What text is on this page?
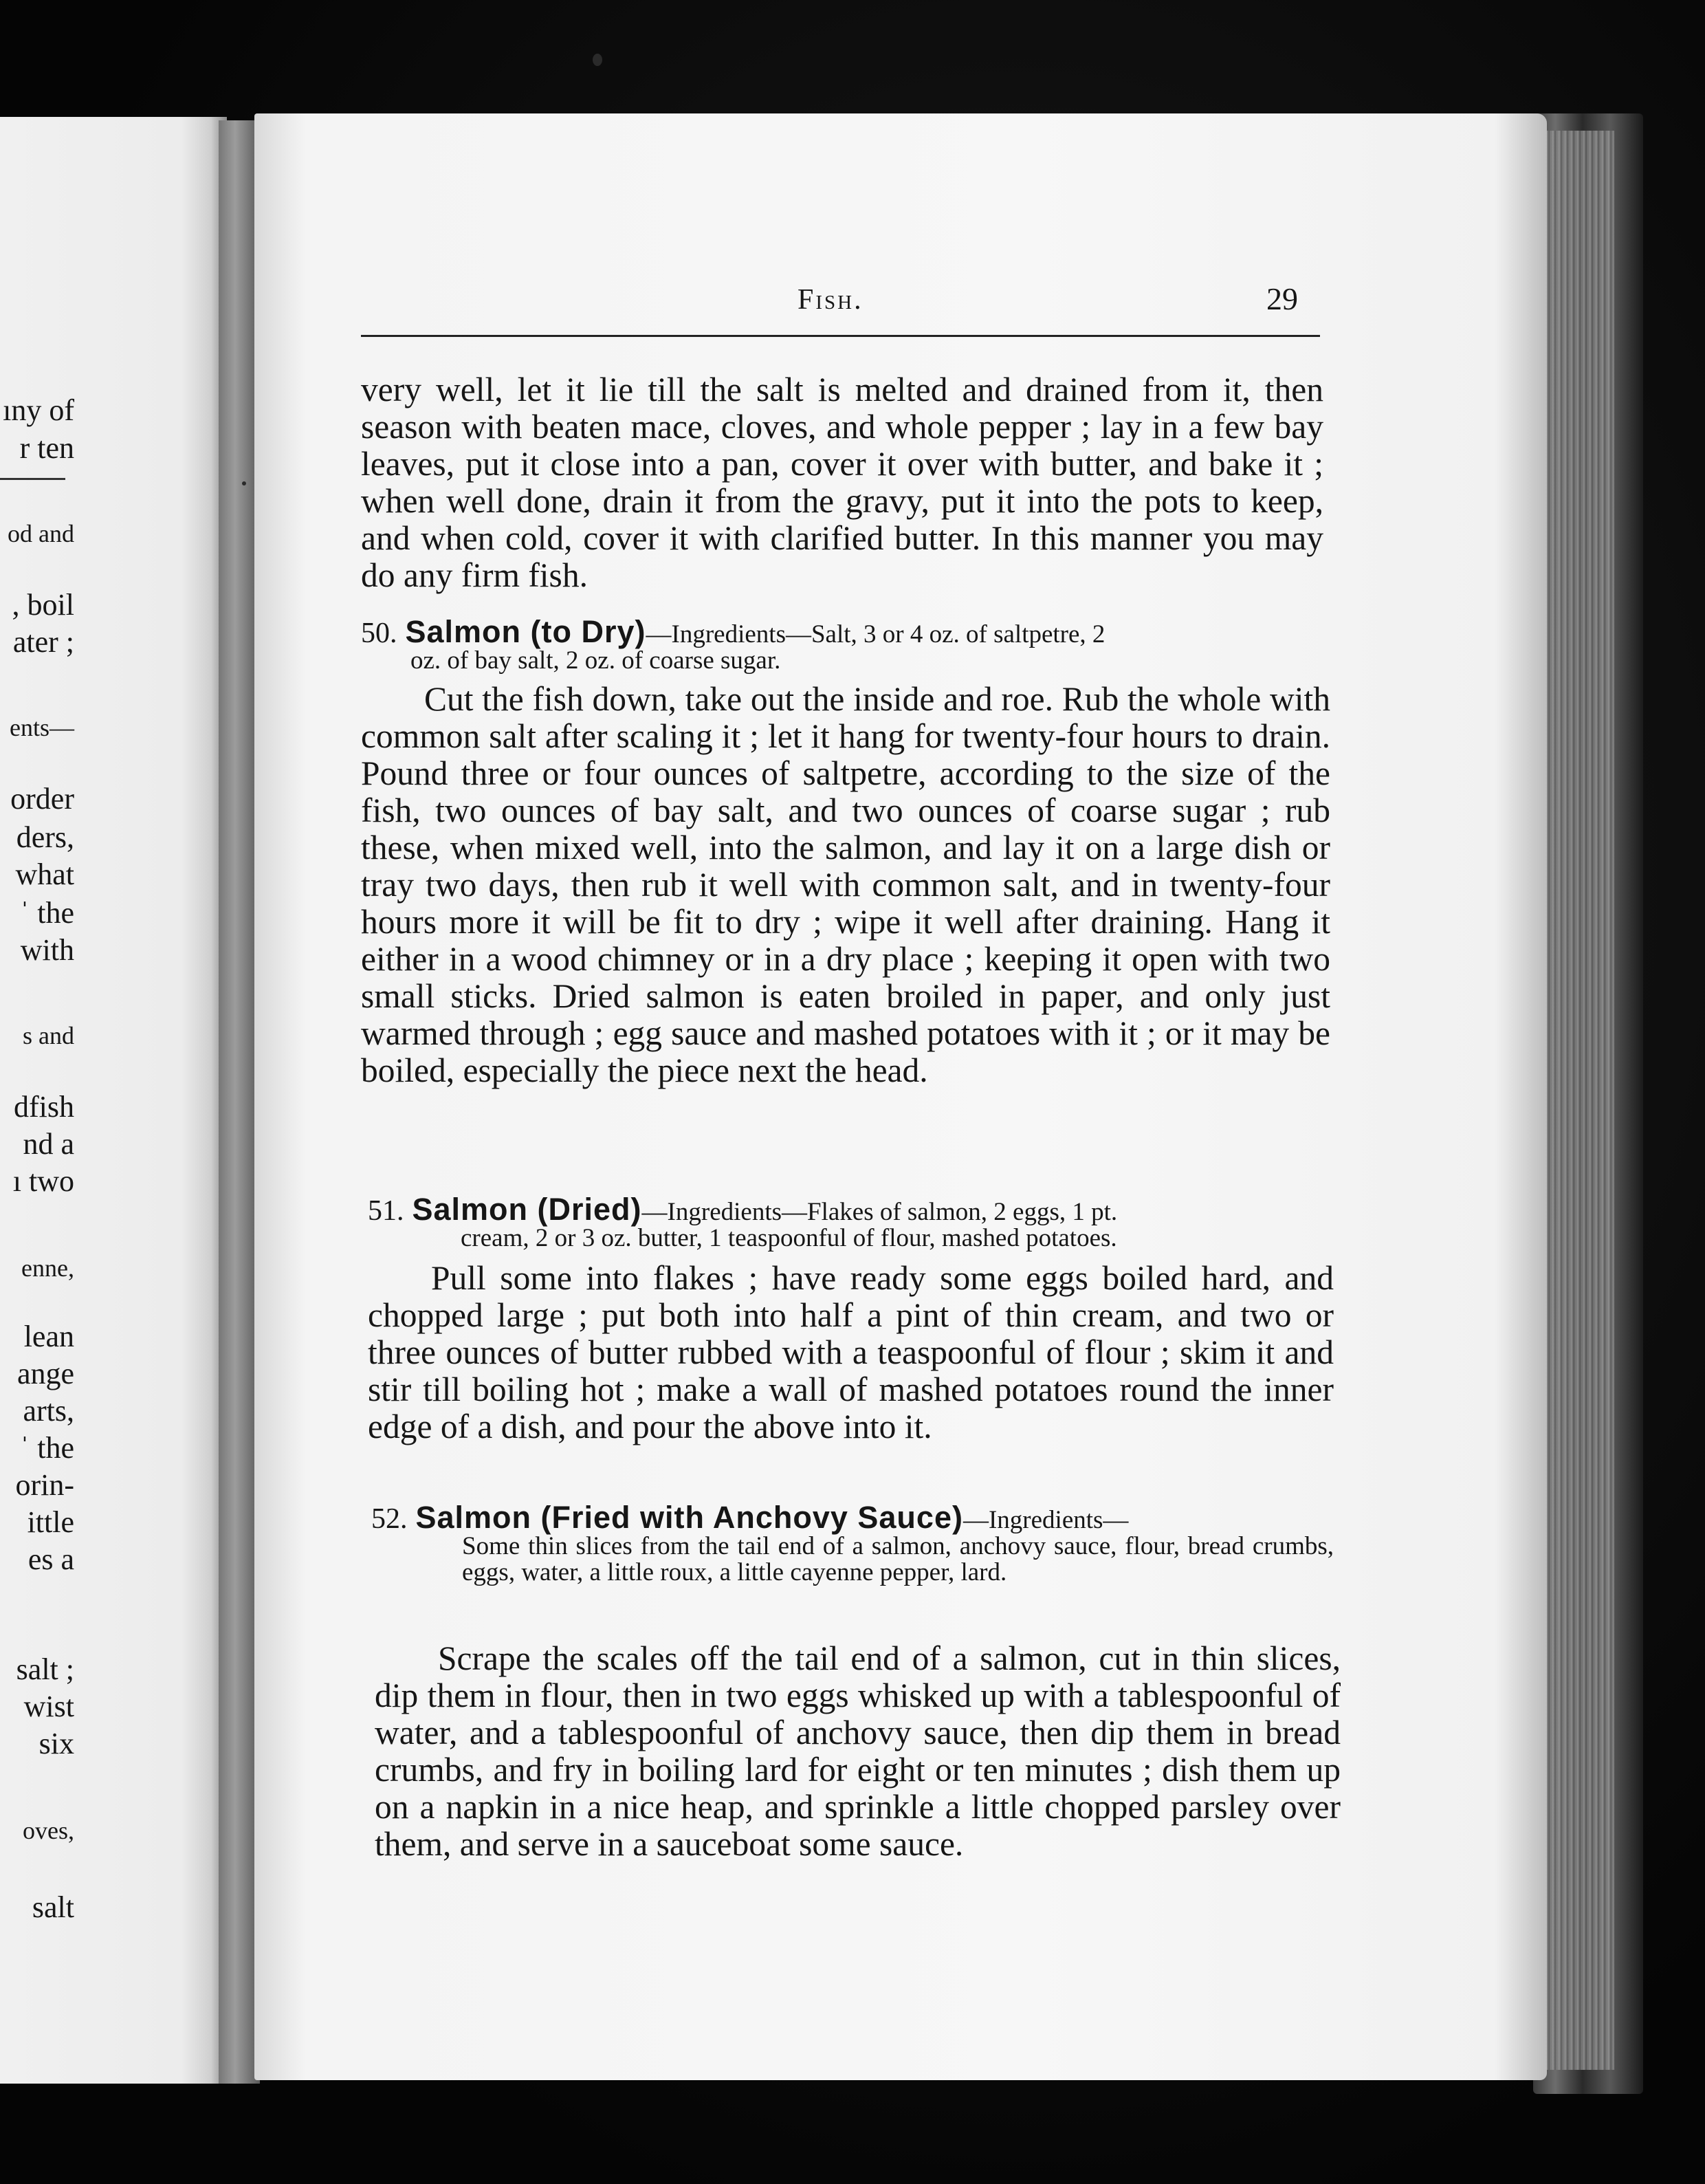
ıny of
r ten
od and
, boil
ater ;
ents—
order
ders,
what
ˈ the
with
s and
dfish
nd a
ı two
enne,
lean
ange
arts,
ˈ the
orin-
ittle
es a
salt ;
wist
six
oves,
salt
Fish.	29

very well, let it lie till the salt is melted and drained from it, then season with beaten mace, cloves, and whole pepper ; lay in a few bay leaves, put it close into a pan, cover it over with butter, and bake it ; when well done, drain it from the gravy, put it into the pots to keep, and when cold, cover it with clarified butter. In this manner you may do any firm fish.

50. Salmon (to Dry)—Ingredients—Salt, 3 or 4 oz. of saltpetre, 2
oz. of bay salt, 2 oz. of coarse sugar.

Cut the fish down, take out the inside and roe. Rub the whole with common salt after scaling it ; let it hang for twenty-four hours to drain. Pound three or four ounces of saltpetre, according to the size of the fish, two ounces of bay salt, and two ounces of coarse sugar ; rub these, when mixed well, into the salmon, and lay it on a large dish or tray two days, then rub it well with common salt, and in twenty-four hours more it will be fit to dry ; wipe it well after draining. Hang it either in a wood chimney or in a dry place ; keeping it open with two small sticks. Dried salmon is eaten broiled in paper, and only just warmed through ; egg sauce and mashed potatoes with it ; or it may be boiled, especially the piece next the head.

51. Salmon (Dried)—Ingredients—Flakes of salmon, 2 eggs, 1 pt.
cream, 2 or 3 oz. butter, 1 teaspoonful of flour, mashed potatoes.

Pull some into flakes ; have ready some eggs boiled hard, and chopped large ; put both into half a pint of thin cream, and two or three ounces of butter rubbed with a teaspoonful of flour ; skim it and stir till boiling hot ; make a wall of mashed potatoes round the inner edge of a dish, and pour the above into it.

52. Salmon (Fried with Anchovy Sauce)—Ingredients—
Some thin slices from the tail end of a salmon, anchovy sauce, flour, bread crumbs, eggs, water, a little roux, a little cayenne pepper, lard.

Scrape the scales off the tail end of a salmon, cut in thin slices, dip them in flour, then in two eggs whisked up with a tablespoonful of water, and a tablespoonful of anchovy sauce, then dip them in bread crumbs, and fry in boiling lard for eight or ten minutes ; dish them up on a napkin in a nice heap, and sprinkle a little chopped parsley over them, and serve in a sauceboat some sauce.
